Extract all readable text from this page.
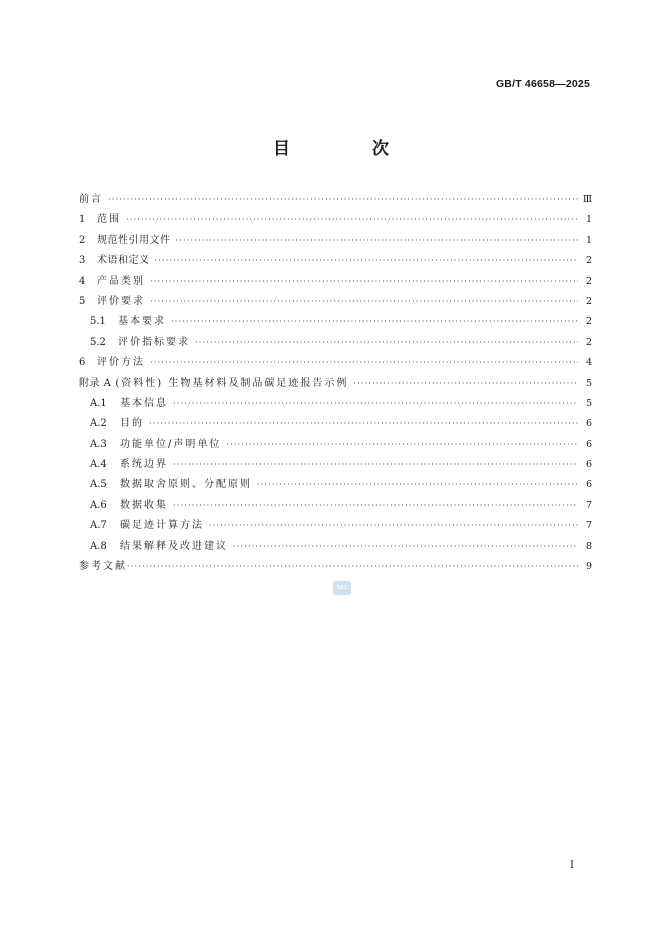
GB/T 46658—2025
目 次
前言 ·····	Ⅲ
1	范围 ·····	1
2	规范性引用文件 ·····	1
3	术语和定义 ·····	2
4	产品类别 ·····	2
5	评价要求 ·····	2
5.1	基本要求 ·····	2
5.2	评价指标要求 ·····	2
6	评价方法 ·····	4
附录 A (资料性) 生物基材料及制品碳足迹报告示例 ·····	5
A.1	基本信息 ·····	5
A.2	目的 ·····	6
A.3	功能单位/声明单位 ·····	6
A.4	系统边界 ·····	6
A.5	数据取舍原则、分配原则 ·····	6
A.6	数据收集 ·····	7
A.7	碳足迹计算方法 ·····	7
A.8	结果解释及改进建议 ·····	8
参考文献 ·····	9
SAC
I
